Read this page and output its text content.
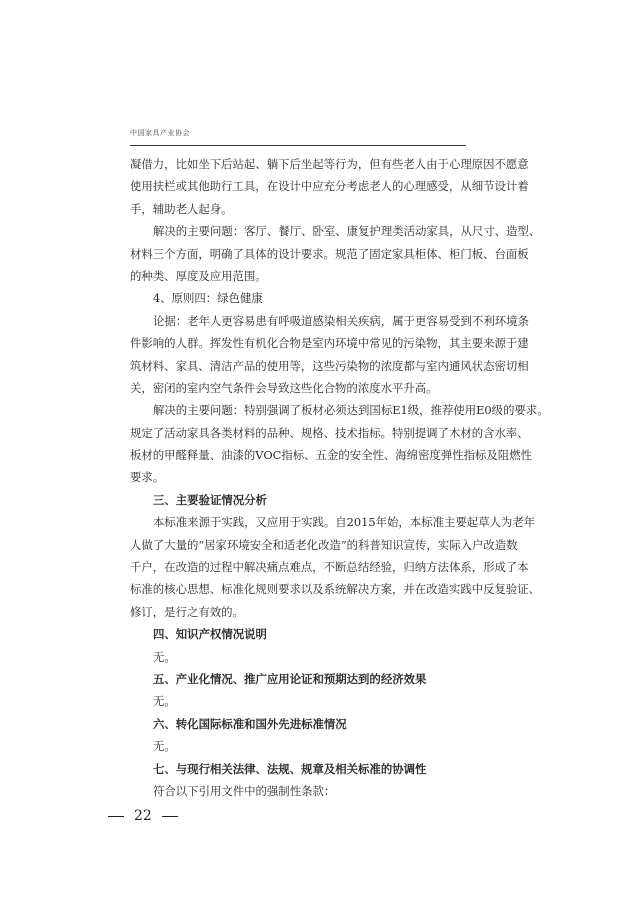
中国家具产业协会
凝借力，比如坐下后站起、躺下后坐起等行为，但有些老人由于心理原因不愿意
使用扶栏或其他助行工具，在设计中应充分考虑老人的心理感受，从细节设计着
手，辅助老人起身。
解决的主要问题：客厅、餐厅、卧室、康复护理类活动家具，从尺寸、造型、
材料三个方面，明确了具体的设计要求。规范了固定家具柜体、柜门板、台面板
的种类、厚度及应用范围。
4、原则四：绿色健康
论据：老年人更容易患有呼吸道感染相关疾病，属于更容易受到不利环境条
件影响的人群。挥发性有机化合物是室内环境中常见的污染物，其主要来源于建
筑材料、家具、清洁产品的使用等，这些污染物的浓度都与室内通风状态密切相
关，密闭的室内空气条件会导致这些化合物的浓度水平升高。
解决的主要问题：特别强调了板材必须达到国标E1级，推荐使用E0级的要求。
规定了活动家具各类材料的品种、规格、技术指标。特别提调了木材的含水率、
板材的甲醛释量、油漆的VOC指标、五金的安全性、海绵密度弹性指标及阻燃性
要求。
三、主要验证情况分析
本标准来源于实践，又应用于实践。自2015年始，本标准主要起草人为老年
人做了大量的“居家环境安全和适老化改造”的科普知识宣传，实际入户改造数
千户，在改造的过程中解决痛点难点，不断总结经验，归纳方法体系，形成了本
标准的核心思想、标准化规则要求以及系统解决方案，并在改造实践中反复验证、
修订，是行之有效的。
四、知识产权情况说明
无。
五、产业化情况、推广应用论证和预期达到的经济效果
无。
六、转化国际标准和国外先进标准情况
无。
七、与现行相关法律、法规、规章及相关标准的协调性
符合以下引用文件中的强制性条款：
22
